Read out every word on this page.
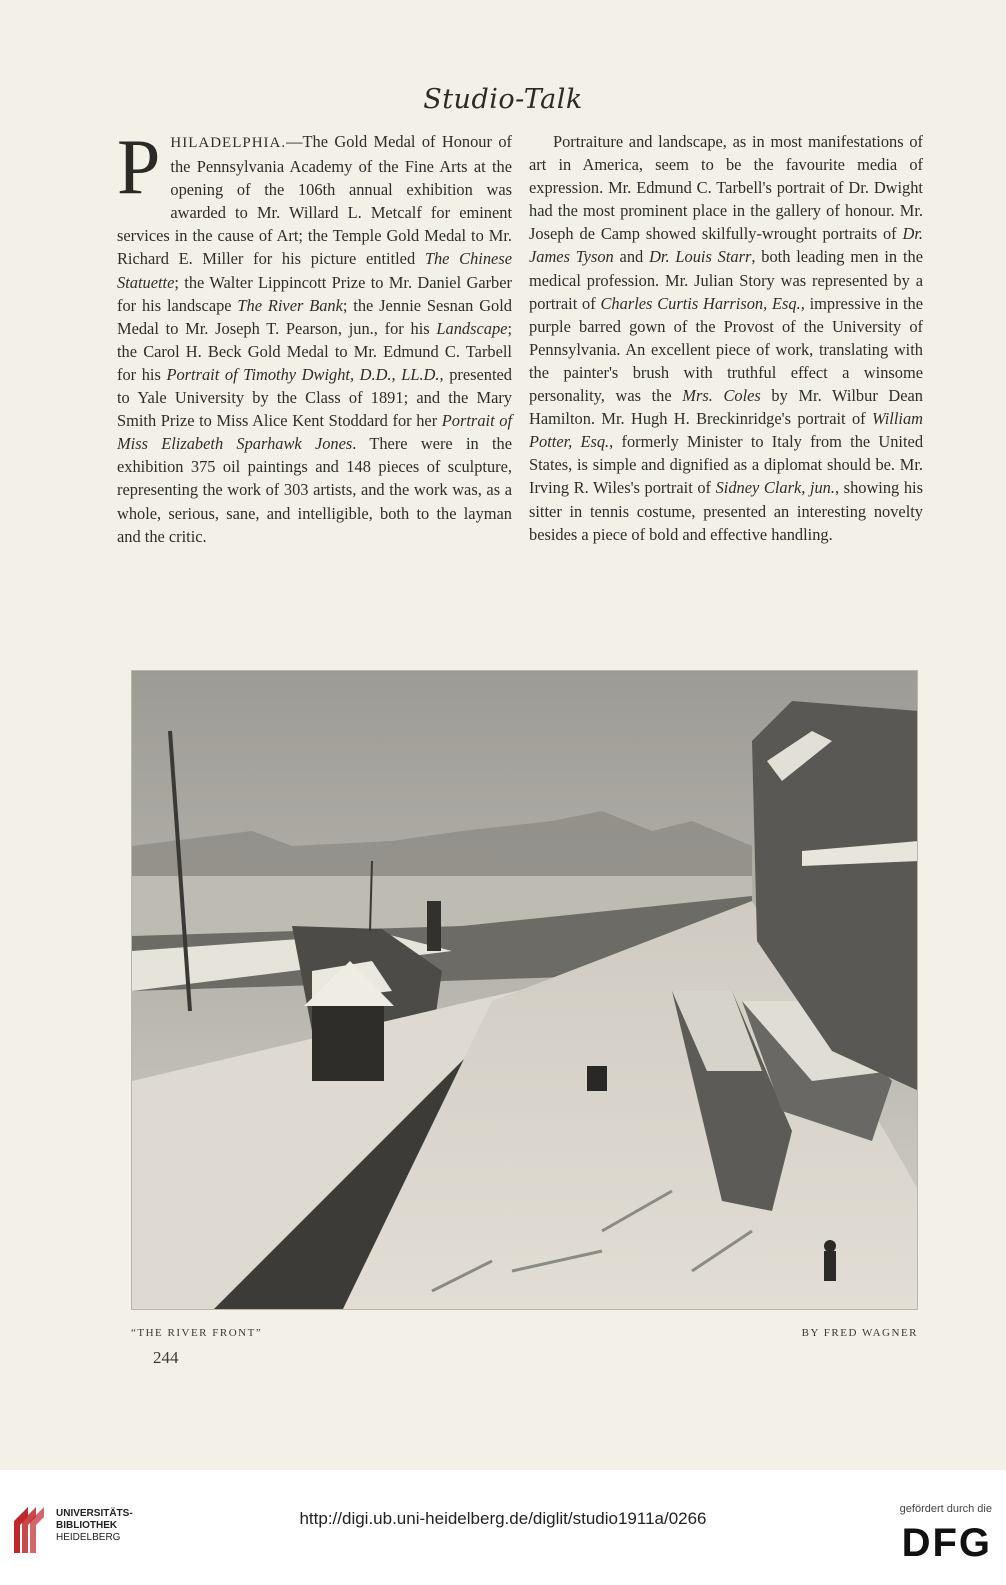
Studio-Talk
P HILADELPHIA.—The Gold Medal of Honour of the Pennsylvania Academy of the Fine Arts at the opening of the 106th annual exhibition was awarded to Mr. Willard L. Metcalf for eminent services in the cause of Art; the Temple Gold Medal to Mr. Richard E. Miller for his picture entitled The Chinese Statuette; the Walter Lippincott Prize to Mr. Daniel Garber for his landscape The River Bank; the Jennie Sesnan Gold Medal to Mr. Joseph T. Pearson, jun., for his Landscape; the Carol H. Beck Gold Medal to Mr. Edmund C. Tarbell for his Portrait of Timothy Dwight, D.D., LL.D., presented to Yale University by the Class of 1891; and the Mary Smith Prize to Miss Alice Kent Stoddard for her Portrait of Miss Elizabeth Sparhawk Jones. There were in the exhibition 375 oil paintings and 148 pieces of sculpture, representing the work of 303 artists, and the work was, as a whole, serious, sane, and intelligible, both to the layman and the critic.

Portraiture and landscape, as in most manifestations of art in America, seem to be the favourite media of expression. Mr. Edmund C. Tarbell's portrait of Dr. Dwight had the most prominent place in the gallery of honour. Mr. Joseph de Camp showed skilfully-wrought portraits of Dr. James Tyson and Dr. Louis Starr, both leading men in the medical profession. Mr. Julian Story was represented by a portrait of Charles Curtis Harrison, Esq., impressive in the purple barred gown of the Provost of the University of Pennsylvania. An excellent piece of work, translating with the painter's brush with truthful effect a winsome personality, was the Mrs. Coles by Mr. Wilbur Dean Hamilton. Mr. Hugh H. Breckinridge's portrait of William Potter, Esq., formerly Minister to Italy from the United States, is simple and dignified as a diplomat should be. Mr. Irving R. Wiles's portrait of Sidney Clark, jun., showing his sitter in tennis costume, presented an interesting novelty besides a piece of bold and effective handling.

“THE RIVER FRONT”	BY FRED WAGNER
244
UNIVERSITÄTS-
BIBLIOTHEK
HEIDELBERG
http://digi.ub.uni-heidelberg.de/diglit/studio1911a/0266	gefördert durch die
DFG
